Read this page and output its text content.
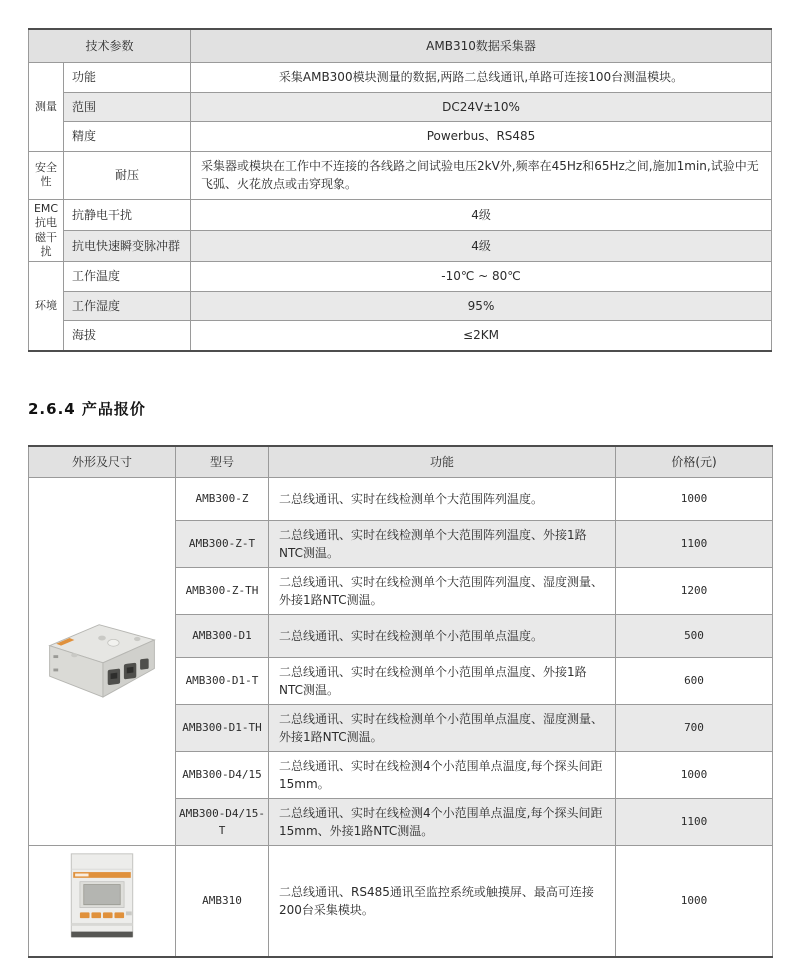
技术参数		AMB310数据采集器
测量	功能	采集AMB300模块测量的数据,两路二总线通讯,单路可连接100台测温模块。
	范围	DC24V±10%
	精度	Powerbus、RS485
安全性	耐压	采集器或模块在工作中不连接的各线路之间试验电压2kV外,频率在45Hz和65Hz之间,施加1min,试验中无飞弧、火花放点或击穿现象。
EMC抗电磁干扰	抗静电干扰	4级
	抗电快速瞬变脉冲群	4级
环境	工作温度	-10℃ ~ 80℃
	工作湿度	95%
	海拔	≤2KM
2.6.4 产品报价
外形及尺寸	型号	功能	价格(元)
	AMB300-Z	二总线通讯、实时在线检测单个大范围阵列温度。	1000
	AMB300-Z-T	二总线通讯、实时在线检测单个大范围阵列温度、外接1路NTC测温。	1100
	AMB300-Z-TH	二总线通讯、实时在线检测单个大范围阵列温度、湿度测量、外接1路NTC测温。	1200
	AMB300-D1	二总线通讯、实时在线检测单个小范围单点温度。	500
	AMB300-D1-T	二总线通讯、实时在线检测单个小范围单点温度、外接1路NTC测温。	600
	AMB300-D1-TH	二总线通讯、实时在线检测单个小范围单点温度、湿度测量、外接1路NTC测温。	700
	AMB300-D4/15	二总线通讯、实时在线检测4个小范围单点温度,每个探头间距15mm。	1000
	AMB300-D4/15-T	二总线通讯、实时在线检测4个小范围单点温度,每个探头间距15mm、外接1路NTC测温。	1100
	AMB310	二总线通讯、RS485通讯至监控系统或触摸屏、最高可连接200台采集模块。	1000
